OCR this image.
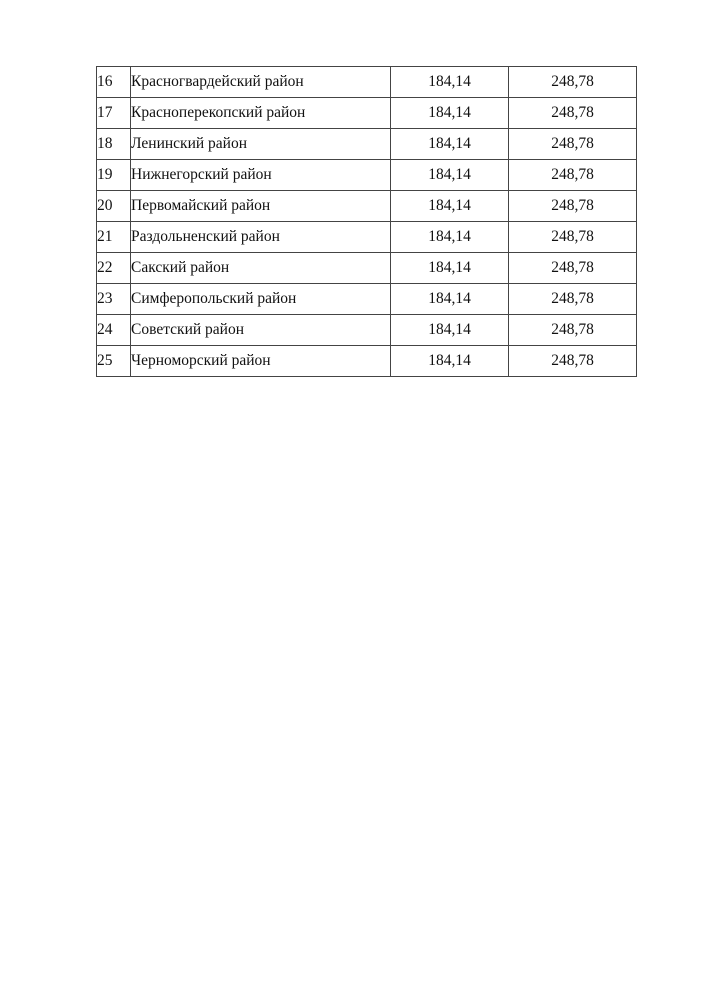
16	Красногвардейский район	184,14	248,78
17	Красноперекопский район	184,14	248,78
18	Ленинский район	184,14	248,78
19	Нижнегорский район	184,14	248,78
20	Первомайский район	184,14	248,78
21	Раздольненский район	184,14	248,78
22	Сакский район	184,14	248,78
23	Симферопольский район	184,14	248,78
24	Советский район	184,14	248,78
25	Черноморский район	184,14	248,78
